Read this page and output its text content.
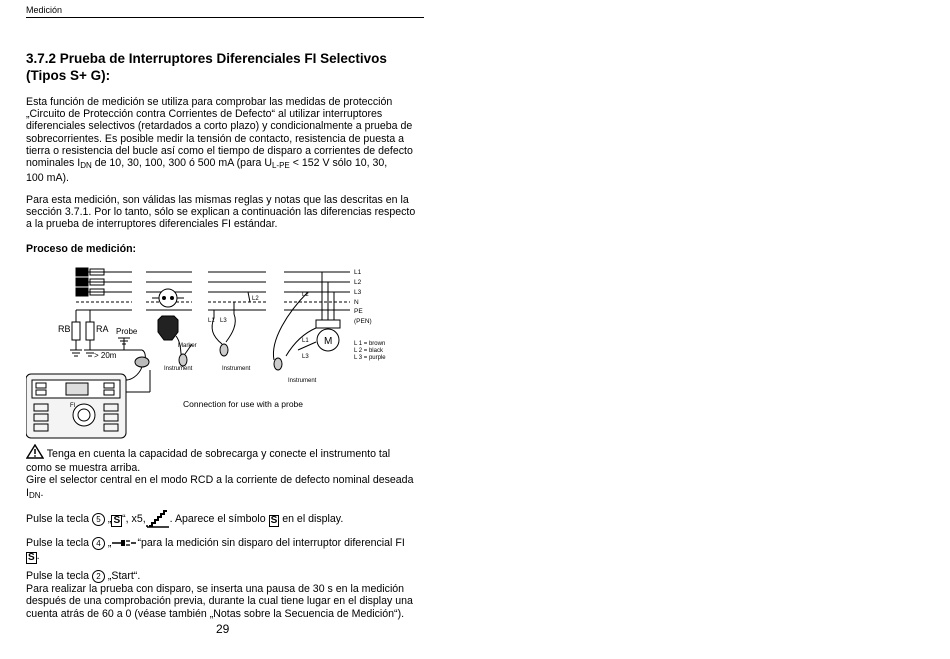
Medición
3.7.2 Prueba de Interruptores Diferenciales FI Selectivos (Tipos S+ G):
Esta función de medición se utiliza para comprobar las medidas de protección
„Circuito de Protección contra Corrientes de Defecto“ al utilizar interruptores
diferenciales selectivos (retardados a corto plazo) y condicionalmente a prueba de
sobrecorrientes. Es posible medir la tensión de contacto, resistencia de puesta a
tierra o resistencia del bucle así como el tiempo de disparo a corrientes de defecto
nominales $I_{DN}$ de 10, 30, 100, 300 ó 500 mA (para $U_{L-PE} < 152$ V sólo 10, 30,
100 mA).
Para esta medición, son válidas las mismas reglas y notas que las descritas en la
sección 3.7.1. Por lo tanto, sólo se explican a continuación las diferencias respecto
a la prueba de interruptores diferenciales FI estándar.
Proceso de medición:
RB	RA Probe
> 20m
FI
Marker
Instrument
L1 L3
L2
Instrument
L2
L1
L3
M
Instrument
L1
L2
L3
N
PE
(PEN)
L 1 = brown
L 2 = black
L 3 = purple
Connection for use with a probe
Tenga en cuenta la capacidad de sobrecarga y conecte el instrumento tal
como se muestra arriba.
Gire el selector central en el modo RCD a la corriente de defecto nominal deseada
$I_{DN}$.
Pulse la tecla 5 „ S “, x5, . Aparece el símbolo S en el display.
Pulse la tecla 4 „ “para la medición sin disparo del interruptor diferencial FI
S .
Pulse la tecla 2 „Start“.
Para realizar la prueba con disparo, se inserta una pausa de 30 s en la medición
después de una comprobación previa, durante la cual tiene lugar en el display una
cuenta atrás de 60 a 0 (véase también „Notas sobre la Secuencia de Medición“).
29
